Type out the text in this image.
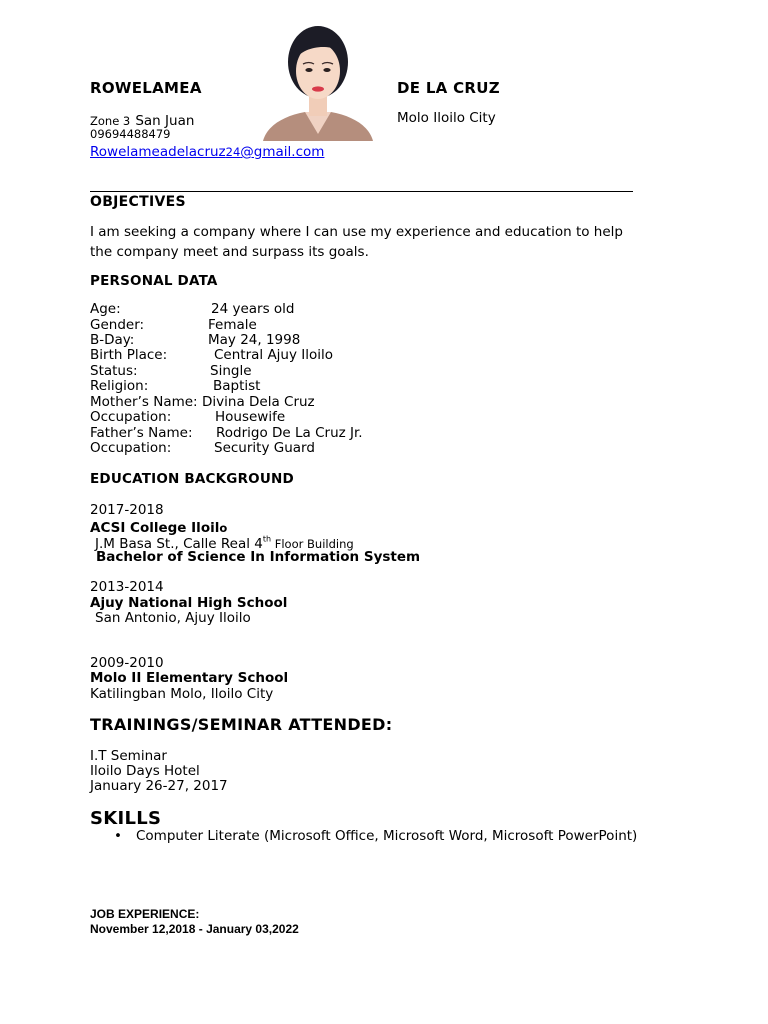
ROWELAMEA	DE LA CRUZ
Zone 3 San Juan	Molo Iloilo City
09694488479
Rowelameadelacruz24@gmail.com
OBJECTIVES
I am seeking a company where I can use my experience and education to help the company meet and surpass its goals.
PERSONAL DATA
Age:	24 years old
Gender:	Female
B-Day:	May 24, 1998
Birth Place:	Central Ajuy Iloilo
Status:	Single
Religion:	Baptist
Mother’s Name: Divina Dela Cruz
Occupation:	Housewife
Father’s Name: Rodrigo De La Cruz Jr.
Occupation:	Security Guard
EDUCATION BACKGROUND
2017-2018
ACSI College Iloilo
J.M Basa St., Calle Real 4th Floor Building
Bachelor of Science In Information System
2013-2014
Ajuy National High School
San Antonio, Ajuy Iloilo
2009-2010
Molo II Elementary School
Katilingban Molo, Iloilo City
TRAININGS/SEMINAR ATTENDED:
I.T Seminar
Iloilo Days Hotel
January 26-27, 2017
SKILLS
• Computer Literate (Microsoft Office, Microsoft Word, Microsoft PowerPoint)
JOB EXPERIENCE:
November 12,2018 - January 03,2022
